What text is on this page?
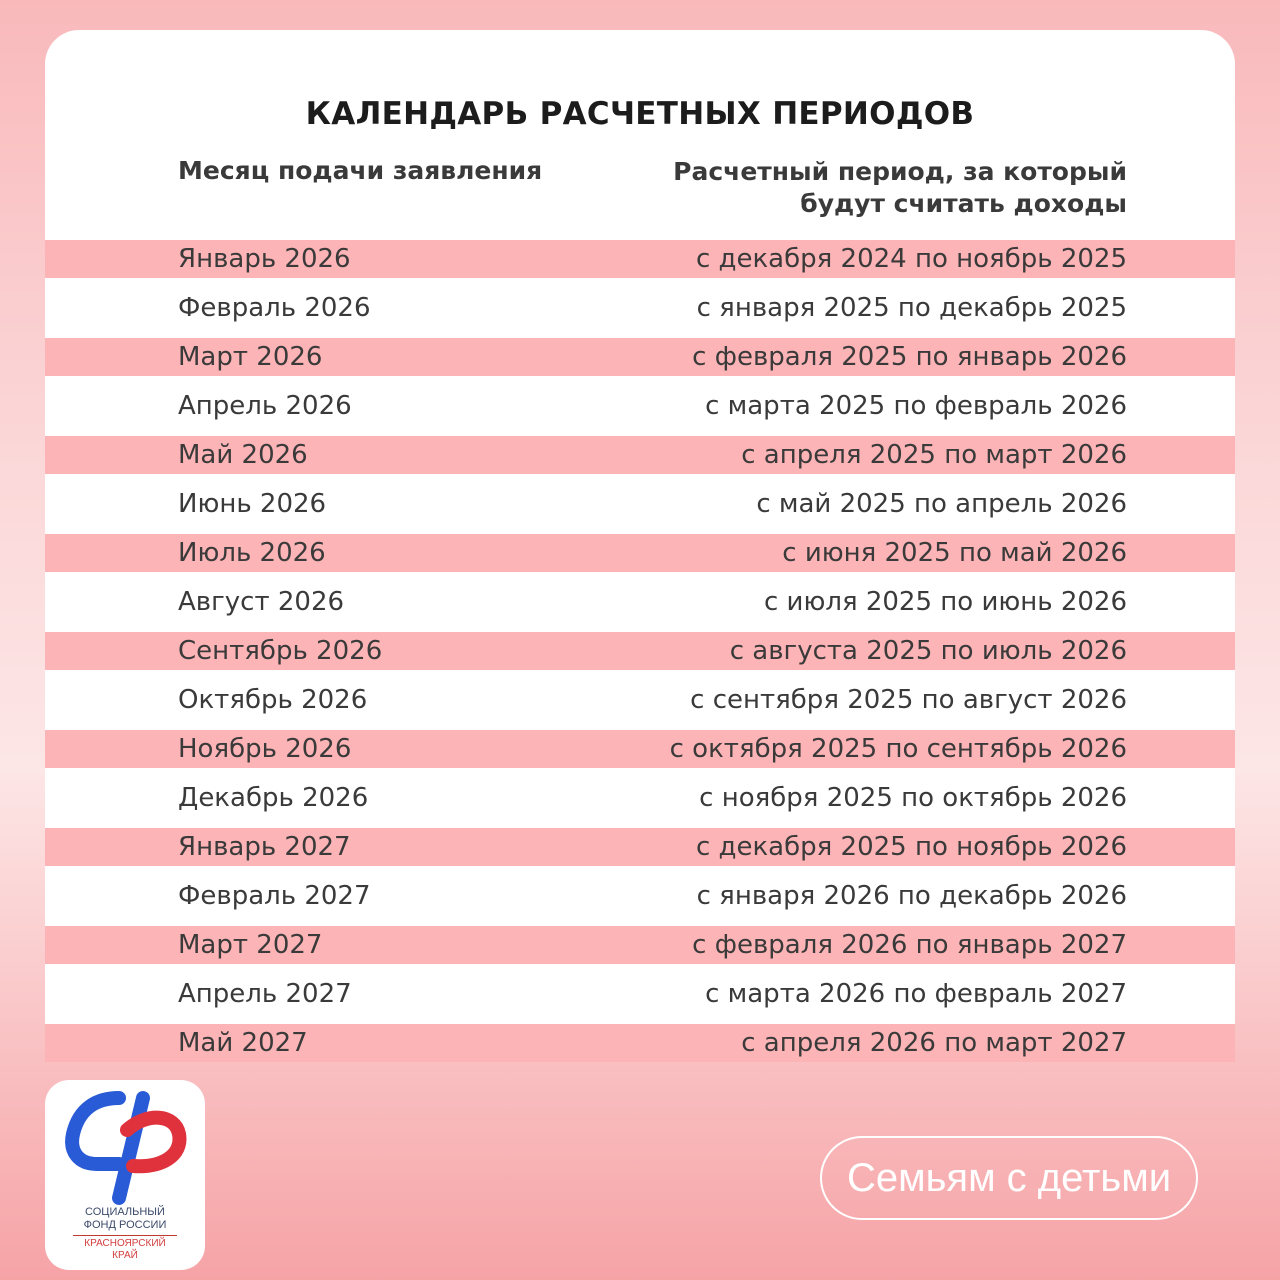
КАЛЕНДАРЬ РАСЧЕТНЫХ ПЕРИОДОВ
Месяц подачи заявления	Расчетный период, за который
будут считать доходы
Январь 2026	с декабря 2024 по ноябрь 2025
Февраль 2026	с января 2025 по декабрь 2025
Март 2026	с февраля 2025 по январь 2026
Апрель 2026	с марта 2025 по февраль 2026
Май 2026	с апреля 2025 по март 2026
Июнь 2026	с май 2025 по апрель 2026
Июль 2026	с июня 2025 по май 2026
Август 2026	с июля 2025 по июнь 2026
Сентябрь 2026	с августа 2025 по июль 2026
Октябрь 2026	с сентября 2025 по август 2026
Ноябрь 2026	с октября 2025 по сентябрь 2026
Декабрь 2026	с ноября 2025 по октябрь 2026
Январь 2027	с декабря 2025 по ноябрь 2026
Февраль 2027	с января 2026 по декабрь 2026
Март 2027	с февраля 2026 по январь 2027
Апрель 2027	с марта 2026 по февраль 2027
Май 2027	с апреля 2026 по март 2027
СОЦИАЛЬНЫЙ
ФОНД РОССИИ
КРАСНОЯРСКИЙ
КРАЙ
Семьям с детьми
